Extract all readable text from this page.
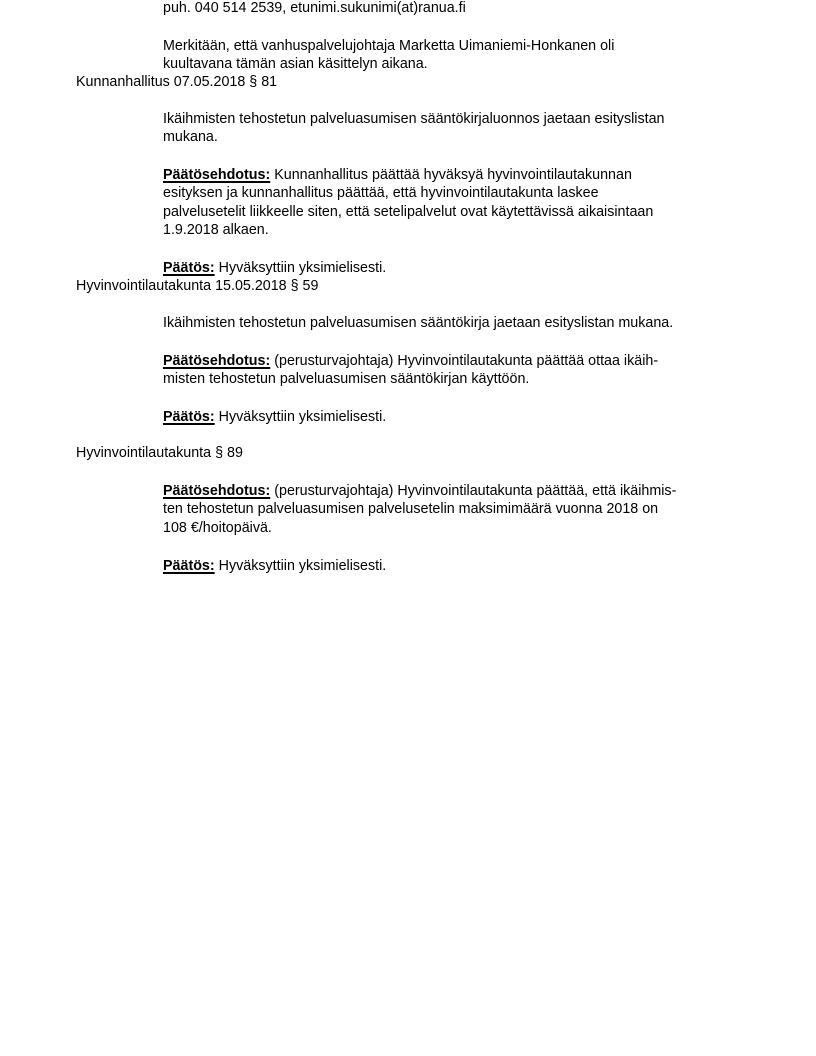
puh. 040 514 2539, etunimi.sukunimi(at)ranua.fi
Merkitään, että vanhuspalvelujohtaja Marketta Uimaniemi-Honkanen oli
kuultavana tämän asian käsittelyn aikana.
Kunnanhallitus 07.05.2018 § 81
Ikäihmisten tehostetun palveluasumisen sääntökirjaluonnos jaetaan esityslistan
mukana.
Päätösehdotus: Kunnanhallitus päättää hyväksyä hyvinvointilautakunnan
esityksen ja kunnanhallitus päättää, että hyvinvointilautakunta laskee
palvelusetelit liikkeelle siten, että setelipalvelut ovat käytettävissä aikaisintaan
1.9.2018 alkaen.
Päätös: Hyväksyttiin yksimielisesti.
Hyvinvointilautakunta 15.05.2018 § 59
Ikäihmisten tehostetun palveluasumisen sääntökirja jaetaan esityslistan mukana.
Päätösehdotus: (perusturvajohtaja) Hyvinvointilautakunta päättää ottaa ikäih-
misten tehostetun palveluasumisen sääntökirjan käyttöön.
Päätös: Hyväksyttiin yksimielisesti.
Hyvinvointilautakunta § 89
Päätösehdotus: (perusturvajohtaja) Hyvinvointilautakunta päättää, että ikäihmis-
ten tehostetun palveluasumisen palvelusetelin maksimimäärä vuonna 2018 on
108 €/hoitopäivä.
Päätös: Hyväksyttiin yksimielisesti.
